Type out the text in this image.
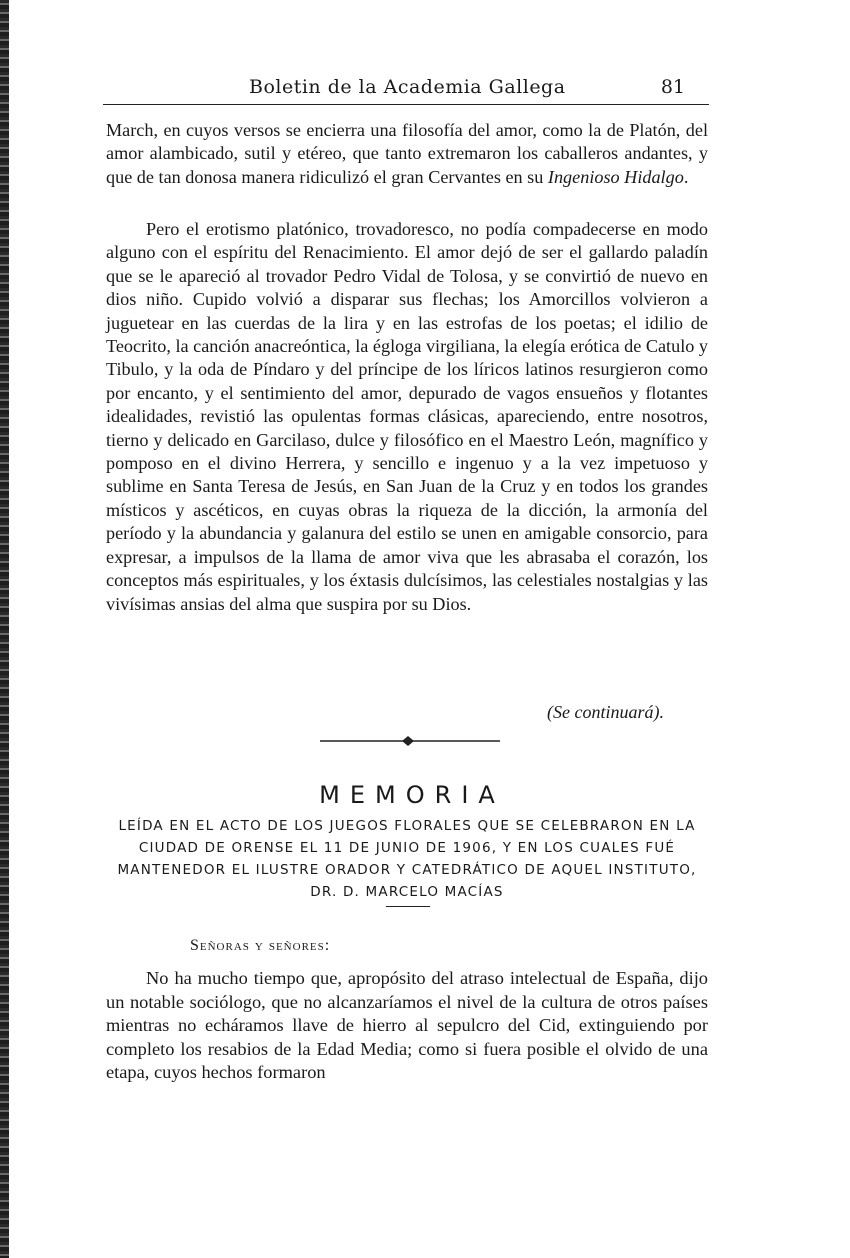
Boletin de la Academia Gallega	81

March, en cuyos versos se encierra una filosofía del amor, como la de Platón, del amor alambicado, sutil y etéreo, que tanto extremaron los caballeros andantes, y que de tan donosa manera ridiculizó el gran Cervantes en su Ingenioso Hidalgo.

Pero el erotismo platónico, trovadoresco, no podía compadecerse en modo alguno con el espíritu del Renacimiento. El amor dejó de ser el gallardo paladín que se le apareció al trovador Pedro Vidal de Tolosa, y se convirtió de nuevo en dios niño. Cupido volvió a disparar sus flechas; los Amorcillos volvieron a juguetear en las cuerdas de la lira y en las estrofas de los poetas; el idilio de Teocrito, la canción anacreóntica, la égloga virgiliana, la elegía erótica de Catulo y Tibulo, y la oda de Píndaro y del príncipe de los líricos latinos resurgieron como por encanto, y el sentimiento del amor, depurado de vagos ensueños y flotantes idealidades, revistió las opulentas formas clásicas, apareciendo, entre nosotros, tierno y delicado en Garcilaso, dulce y filosófico en el Maestro León, magnífico y pomposo en el divino Herrera, y sencillo e ingenuo y a la vez impetuoso y sublime en Santa Teresa de Jesús, en San Juan de la Cruz y en todos los grandes místicos y ascéticos, en cuyas obras la riqueza de la dicción, la armonía del período y la abundancia y galanura del estilo se unen en amigable consorcio, para expresar, a impulsos de la llama de amor viva que les abrasaba el corazón, los conceptos más espirituales, y los éxtasis dulcísimos, las celestiales nostalgias y las vivísimas ansias del alma que suspira por su Dios.

(Se continuará).
MEMORIA
LEÍDA EN EL ACTO DE LOS JUEGOS FLORALES QUE SE CELEBRARON EN LA CIUDAD DE ORENSE EL 11 DE JUNIO DE 1906, Y EN LOS CUALES FUÉ MANTENEDOR EL ILUSTRE ORADOR Y CATEDRÁTICO DE AQUEL INSTITUTO, DR. D. MARCELO MACÍAS
Señoras y señores:

No ha mucho tiempo que, apropósito del atraso intelectual de España, dijo un notable sociólogo, que no alcanzaríamos el nivel de la cultura de otros países mientras no echáramos llave de hierro al sepulcro del Cid, extinguiendo por completo los resabios de la Edad Media; como si fuera posible el olvido de una etapa, cuyos hechos formaron
